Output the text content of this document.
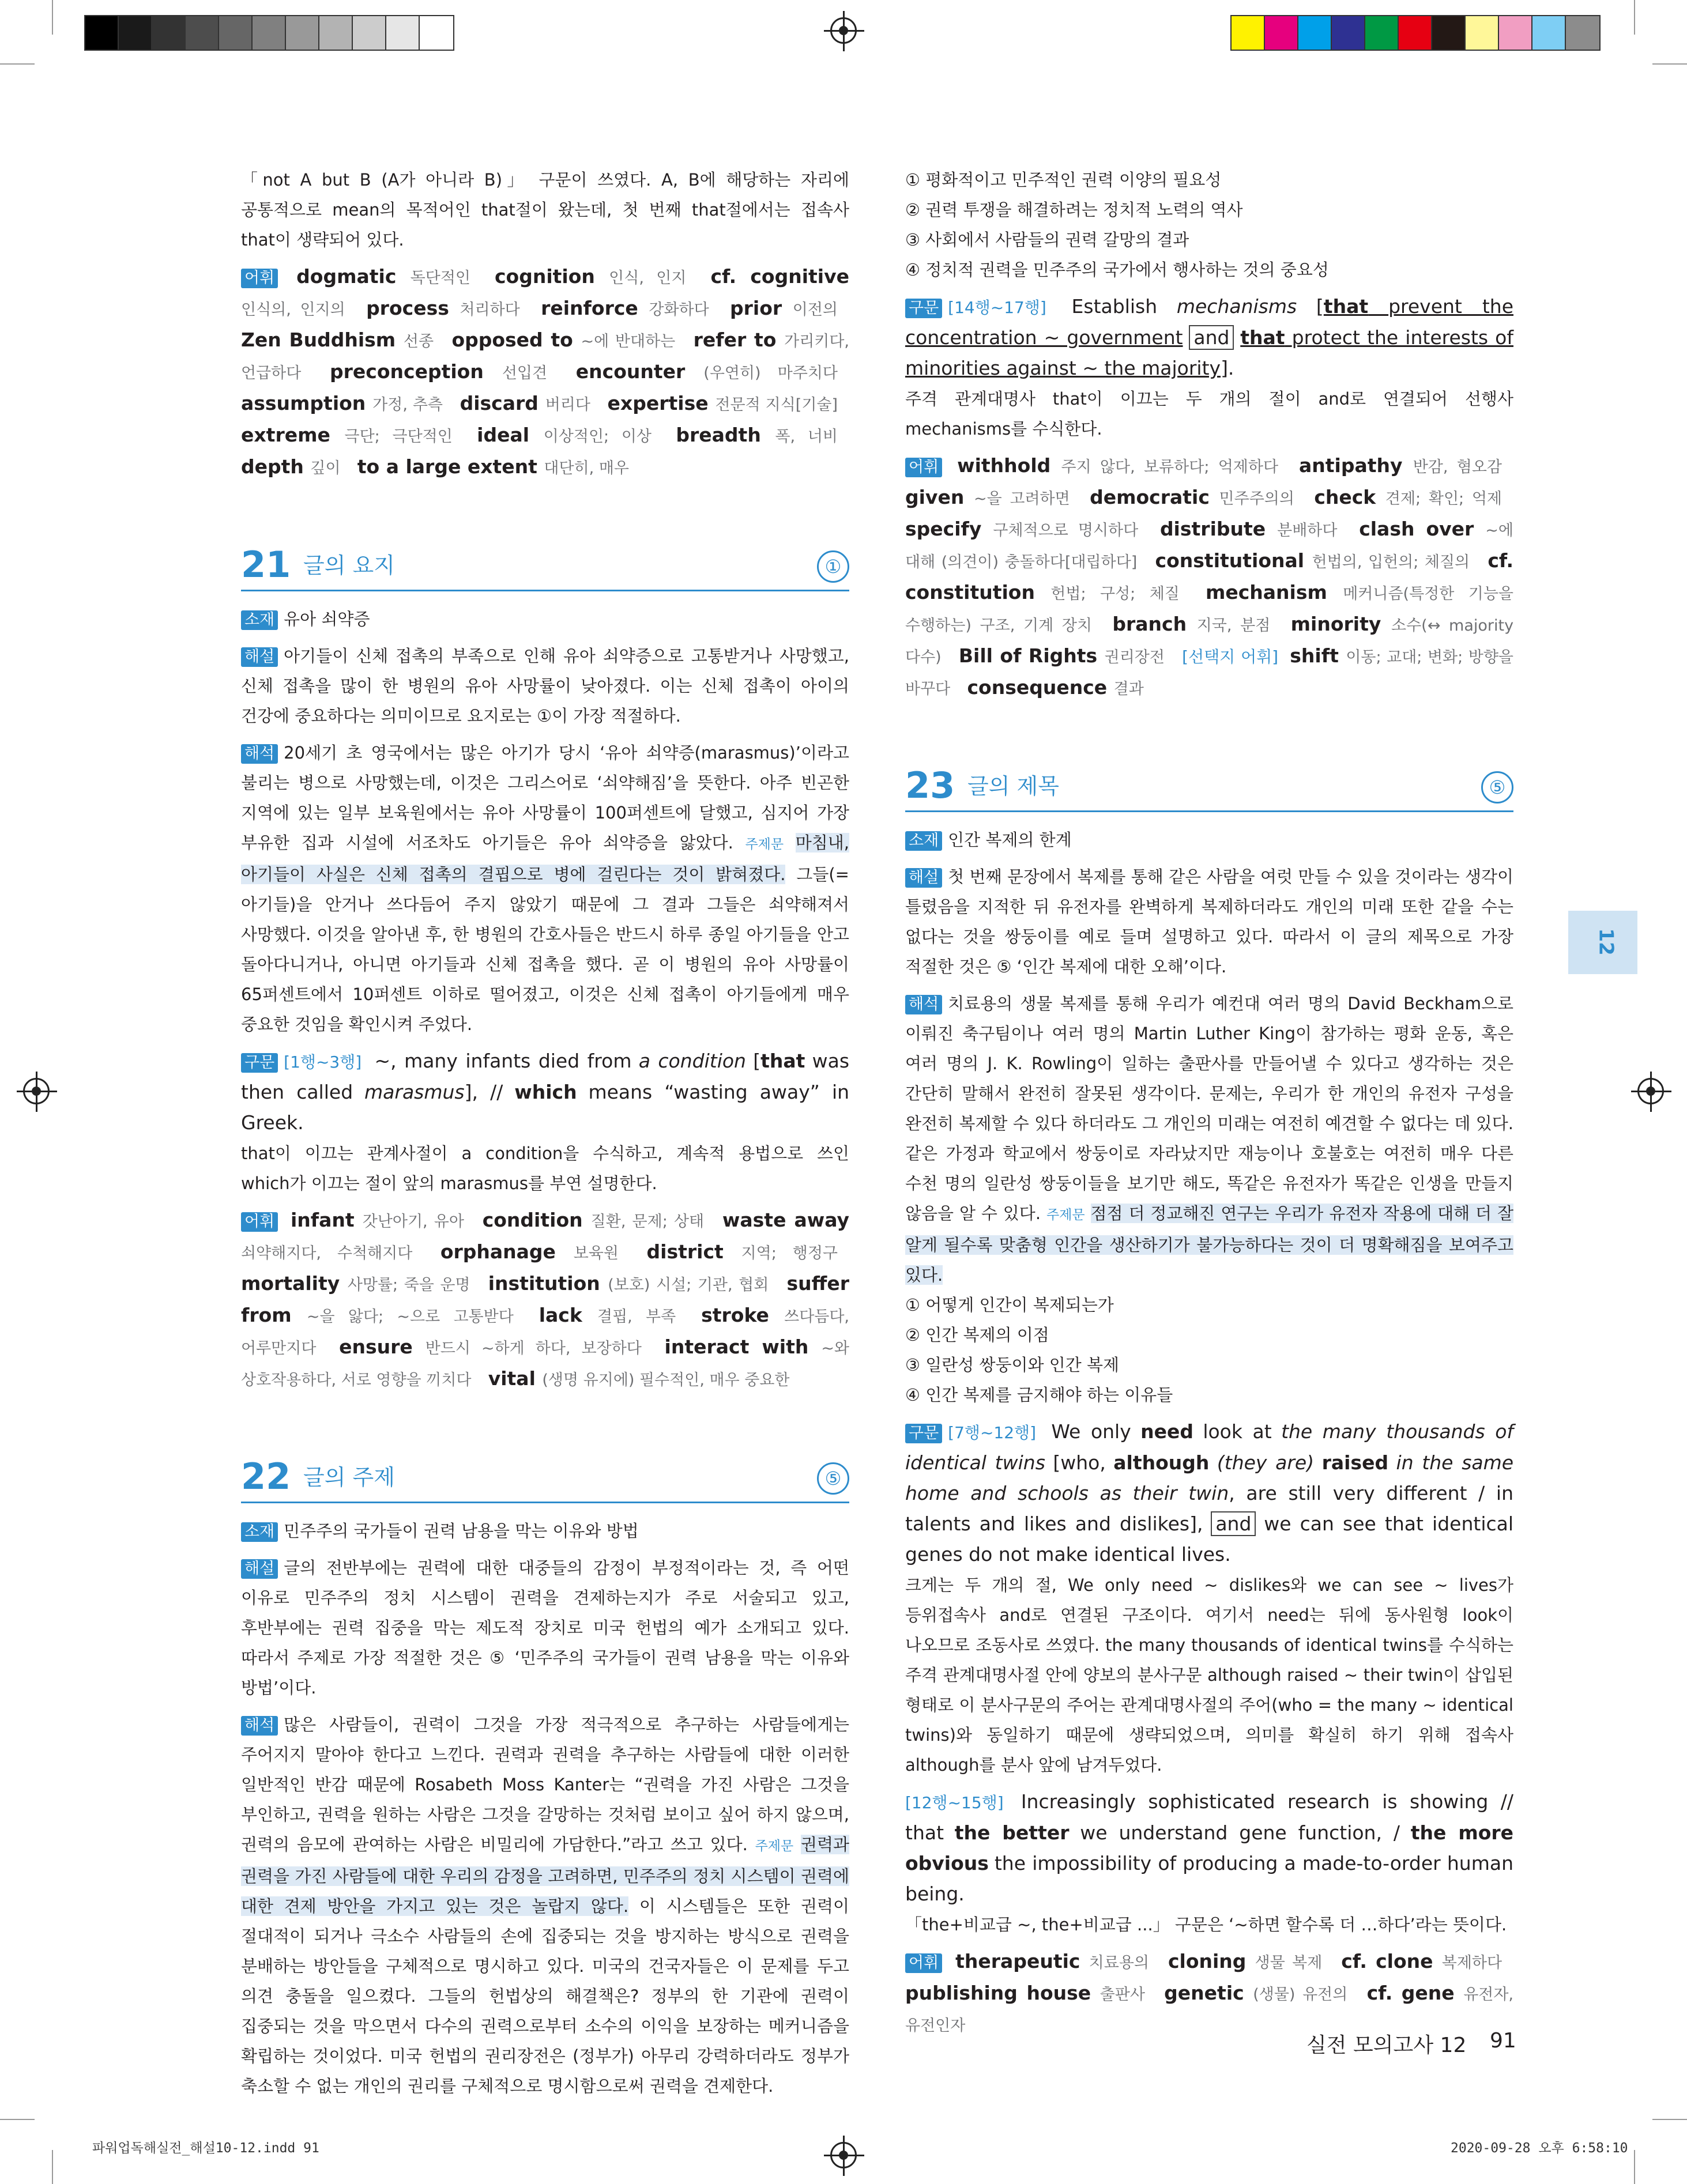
「not A but B (A가 아니라 B)」 구문이 쓰였다. A, B에 해당하는 자리에 공통적으로 mean의 목적어인 that절이 왔는데, 첫 번째 that절에서는 접속사 that이 생략되어 있다.

어휘 dogmatic 독단적인 cognition 인식, 인지 cf. cognitive 인식의, 인지의 process 처리하다 reinforce 강화하다 prior 이전의 Zen Buddhism 선종 opposed to ~에 반대하는 refer to 가리키다, 언급하다 preconception 선입견 encounter (우연히) 마주치다 assumption 가정, 추측 discard 버리다 expertise 전문적 지식[기술] extreme 극단; 극단적인 ideal 이상적인; 이상 breadth 폭, 너비 depth 깊이 to a large extent 대단히, 매우

21 글의 요지	①

소재 유아 쇠약증

해설 아기들이 신체 접촉의 부족으로 인해 유아 쇠약증으로 고통받거나 사망했고, 신체 접촉을 많이 한 병원의 유아 사망률이 낮아졌다. 이는 신체 접촉이 아이의 건강에 중요하다는 의미이므로 요지로는 ①이 가장 적절하다.

해석 20세기 초 영국에서는 많은 아기가 당시 ‘유아 쇠약증(marasmus)’이라고 불리는 병으로 사망했는데, 이것은 그리스어로 ‘쇠약해짐’을 뜻한다. 아주 빈곤한 지역에 있는 일부 보육원에서는 유아 사망률이 100퍼센트에 달했고, 심지어 가장 부유한 집과 시설에 서조차도 아기들은 유아 쇠약증을 앓았다. 주제문 마침내, 아기들이 사실은 신체 접촉의 결핍으로 병에 걸린다는 것이 밝혀졌다. 그들(=아기들)을 안거나 쓰다듬어 주지 않았기 때문에 그 결과 그들은 쇠약해져서 사망했다. 이것을 알아낸 후, 한 병원의 간호사들은 반드시 하루 종일 아기들을 안고 돌아다니거나, 아니면 아기들과 신체 접촉을 했다. 곧 이 병원의 유아 사망률이 65퍼센트에서 10퍼센트 이하로 떨어졌고, 이것은 신체 접촉이 아기들에게 매우 중요한 것임을 확인시켜 주었다.

구문 [1행~3행] ~, many infants died from a condition [that was then called marasmus], // which means “wasting away” in Greek.
that이 이끄는 관계사절이 a condition을 수식하고, 계속적 용법으로 쓰인 which가 이끄는 절이 앞의 marasmus를 부연 설명한다.

어휘 infant 갓난아기, 유아 condition 질환, 문제; 상태 waste away 쇠약해지다, 수척해지다 orphanage 보육원 district 지역; 행정구 mortality 사망률; 죽을 운명 institution (보호) 시설; 기관, 협회 suffer from ~을 앓다; ~으로 고통받다 lack 결핍, 부족 stroke 쓰다듬다, 어루만지다 ensure 반드시 ~하게 하다, 보장하다 interact with ~와 상호작용하다, 서로 영향을 끼치다 vital (생명 유지에) 필수적인, 매우 중요한

22 글의 주제	⑤

소재 민주주의 국가들이 권력 남용을 막는 이유와 방법

해설 글의 전반부에는 권력에 대한 대중들의 감정이 부정적이라는 것, 즉 어떤 이유로 민주주의 정치 시스템이 권력을 견제하는지가 주로 서술되고 있고, 후반부에는 권력 집중을 막는 제도적 장치로 미국 헌법의 예가 소개되고 있다. 따라서 주제로 가장 적절한 것은 ⑤ ‘민주주의 국가들이 권력 남용을 막는 이유와 방법’이다.

해석 많은 사람들이, 권력이 그것을 가장 적극적으로 추구하는 사람들에게는 주어지지 말아야 한다고 느낀다. 권력과 권력을 추구하는 사람들에 대한 이러한 일반적인 반감 때문에 Rosabeth Moss Kanter는 “권력을 가진 사람은 그것을 부인하고, 권력을 원하는 사람은 그것을 갈망하는 것처럼 보이고 싶어 하지 않으며, 권력의 음모에 관여하는 사람은 비밀리에 가담한다.”라고 쓰고 있다. 주제문 권력과 권력을 가진 사람들에 대한 우리의 감정을 고려하면, 민주주의 정치 시스템이 권력에 대한 견제 방안을 가지고 있는 것은 놀랍지 않다. 이 시스템들은 또한 권력이 절대적이 되거나 극소수 사람들의 손에 집중되는 것을 방지하는 방식으로 권력을 분배하는 방안들을 구체적으로 명시하고 있다. 미국의 건국자들은 이 문제를 두고 의견 충돌을 일으켰다. 그들의 헌법상의 해결책은? 정부의 한 기관에 권력이 집중되는 것을 막으면서 다수의 권력으로부터 소수의 이익을 보장하는 메커니즘을 확립하는 것이었다. 미국 헌법의 권리장전은 (정부가) 아무리 강력하더라도 정부가 축소할 수 없는 개인의 권리를 구체적으로 명시함으로써 권력을 견제한다.

① 평화적이고 민주적인 권력 이양의 필요성

② 권력 투쟁을 해결하려는 정치적 노력의 역사

③ 사회에서 사람들의 권력 갈망의 결과

④ 정치적 권력을 민주주의 국가에서 행사하는 것의 중요성

구문 [14행~17행] Establish mechanisms [that prevent the concentration ~ government and that protect the interests of minorities against ~ the majority].
주격 관계대명사 that이 이끄는 두 개의 절이 and로 연결되어 선행사 mechanisms를 수식한다.

어휘 withhold 주지 않다, 보류하다; 억제하다 antipathy 반감, 혐오감 given ~을 고려하면 democratic 민주주의의 check 견제; 확인; 억제 specify 구체적으로 명시하다 distribute 분배하다 clash over ~에 대해 (의견이) 충돌하다[대립하다] constitutional 헌법의, 입헌의; 체질의 cf. constitution 헌법; 구성; 체질 mechanism 메커니즘(특정한 기능을 수행하는) 구조, 기계 장치 branch 지국, 분점 minority 소수(↔ majority 다수) Bill of Rights 권리장전 [선택지 어휘] shift 이동; 교대; 변화; 방향을 바꾸다 consequence 결과

23 글의 제목	⑤

소재 인간 복제의 한계

해설 첫 번째 문장에서 복제를 통해 같은 사람을 여럿 만들 수 있을 것이라는 생각이 틀렸음을 지적한 뒤 유전자를 완벽하게 복제하더라도 개인의 미래 또한 같을 수는 없다는 것을 쌍둥이를 예로 들며 설명하고 있다. 따라서 이 글의 제목으로 가장 적절한 것은 ⑤ ‘인간 복제에 대한 오해’이다.

해석 치료용의 생물 복제를 통해 우리가 예컨대 여러 명의 David Beckham으로 이뤄진 축구팀이나 여러 명의 Martin Luther King이 참가하는 평화 운동, 혹은 여러 명의 J. K. Rowling이 일하는 출판사를 만들어낼 수 있다고 생각하는 것은 간단히 말해서 완전히 잘못된 생각이다. 문제는, 우리가 한 개인의 유전자 구성을 완전히 복제할 수 있다 하더라도 그 개인의 미래는 여전히 예견할 수 없다는 데 있다. 같은 가정과 학교에서 쌍둥이로 자라났지만 재능이나 호불호는 여전히 매우 다른 수천 명의 일란성 쌍둥이들을 보기만 해도, 똑같은 유전자가 똑같은 인생을 만들지 않음을 알 수 있다. 주제문 점점 더 정교해진 연구는 우리가 유전자 작용에 대해 더 잘 알게 될수록 맞춤형 인간을 생산하기가 불가능하다는 것이 더 명확해짐을 보여주고 있다.

① 어떻게 인간이 복제되는가

② 인간 복제의 이점

③ 일란성 쌍둥이와 인간 복제

④ 인간 복제를 금지해야 하는 이유들

구문 [7행~12행] We only need look at the many thousands of identical twins [who, although (they are) raised in the same home and schools as their twin, are still very different / in talents and likes and dislikes], and we can see that identical genes do not make identical lives.
크게는 두 개의 절, We only need ~ dislikes와 we can see ~ lives가 등위접속사 and로 연결된 구조이다. 여기서 need는 뒤에 동사원형 look이 나오므로 조동사로 쓰였다. the many thousands of identical twins를 수식하는 주격 관계대명사절 안에 양보의 분사구문 although raised ~ their twin이 삽입된 형태로 이 분사구문의 주어는 관계대명사절의 주어(who = the many ~ identical twins)와 동일하기 때문에 생략되었으며, 의미를 확실히 하기 위해 접속사 although를 분사 앞에 남겨두었다.

[12행~15행] Increasingly sophisticated research is showing // that the better we understand gene function, / the more obvious the impossibility of producing a made-to-order human being.
「the+비교급 ~, the+비교급 ...」 구문은 ‘~하면 할수록 더 …하다’라는 뜻이다.

어휘 therapeutic 치료용의 cloning 생물 복제 cf. clone 복제하다 publishing house 출판사 genetic (생물) 유전의 cf. gene 유전자, 유전인자

12
실전 모의고사 12 91
파워업독해실전_해설10-12.indd 91	2020-09-28 오후 6:58:10
